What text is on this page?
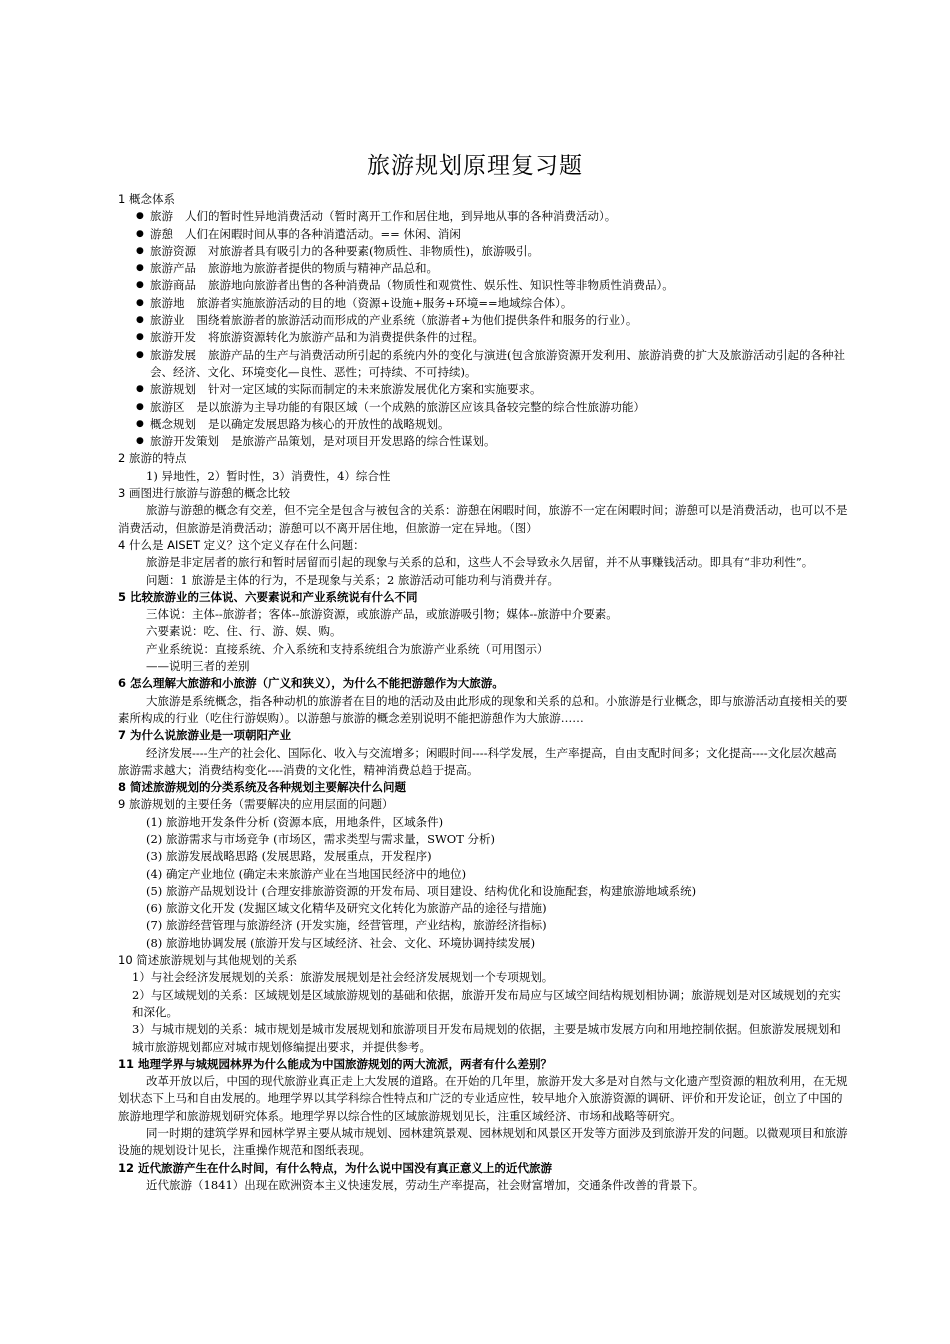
旅游规划原理复习题
1 概念体系
● 旅游 人们的暂时性异地消费活动（暂时离开工作和居住地，到异地从事的各种消费活动）。
● 游憩 人们在闲暇时间从事的各种消遣活动。== 休闲、消闲
● 旅游资源 对旅游者具有吸引力的各种要素(物质性、非物质性)，旅游吸引。
● 旅游产品 旅游地为旅游者提供的物质与精神产品总和。
● 旅游商品 旅游地向旅游者出售的各种消费品（物质性和观赏性、娱乐性、知识性等非物质性消费品）。
● 旅游地 旅游者实施旅游活动的目的地（资源+设施+服务+环境==地域综合体）。
● 旅游业 围绕着旅游者的旅游活动而形成的产业系统（旅游者+为他们提供条件和服务的行业）。
● 旅游开发 将旅游资源转化为旅游产品和为消费提供条件的过程。
● 旅游发展 旅游产品的生产与消费活动所引起的系统内外的变化与演进(包含旅游资源开发利用、旅游消费的扩大及旅游活动引起的各种社会、经济、文化、环境变化—良性、恶性；可持续、不可持续)。
● 旅游规划 针对一定区域的实际而制定的未来旅游发展优化方案和实施要求。
● 旅游区 是以旅游为主导功能的有限区域（一个成熟的旅游区应该具备较完整的综合性旅游功能）
● 概念规划 是以确定发展思路为核心的开放性的战略规划。
● 旅游开发策划 是旅游产品策划，是对项目开发思路的综合性谋划。
2 旅游的特点
1) 异地性，2）暂时性，3）消费性，4）综合性
3 画图进行旅游与游憩的概念比较
旅游与游憩的概念有交差，但不完全是包含与被包含的关系：游憩在闲暇时间，旅游不一定在闲暇时间；游憩可以是消费活动，也可以不是消费活动，但旅游是消费活动；游憩可以不离开居住地，但旅游一定在异地。（图）
4 什么是 AISET 定义？这个定义存在什么问题：
旅游是非定居者的旅行和暂时居留而引起的现象与关系的总和，这些人不会导致永久居留，并不从事赚钱活动。即具有“非功利性”。
问题：1 旅游是主体的行为，不是现象与关系；2 旅游活动可能功利与消费并存。
5 比较旅游业的三体说、六要素说和产业系统说有什么不同
三体说：主体--旅游者；客体--旅游资源，或旅游产品，或旅游吸引物；媒体--旅游中介要素。
六要素说：吃、住、行、游、娱、购。
产业系统说：直接系统、介入系统和支持系统组合为旅游产业系统（可用图示）
——说明三者的差别
6 怎么理解大旅游和小旅游（广义和狭义），为什么不能把游憩作为大旅游。
大旅游是系统概念，指各种动机的旅游者在目的地的活动及由此形成的现象和关系的总和。小旅游是行业概念，即与旅游活动直接相关的要素所构成的行业（吃住行游娱购）。以游憩与旅游的概念差别说明不能把游憩作为大旅游……
7 为什么说旅游业是一项朝阳产业
经济发展----生产的社会化、国际化、收入与交流增多；闲暇时间----科学发展，生产率提高，自由支配时间多；文化提高----文化层次越高旅游需求越大；消费结构变化----消费的文化性，精神消费总趋于提高。
8 简述旅游规划的分类系统及各种规划主要解决什么问题
9 旅游规划的主要任务（需要解决的应用层面的问题）
(1) 旅游地开发条件分析 (资源本底，用地条件，区域条件)
(2) 旅游需求与市场竞争 (市场区，需求类型与需求量，SWOT 分析)
(3) 旅游发展战略思路 (发展思路，发展重点，开发程序)
(4) 确定产业地位 (确定未来旅游产业在当地国民经济中的地位)
(5) 旅游产品规划设计 (合理安排旅游资源的开发布局、项目建设、结构优化和设施配套，构建旅游地域系统)
(6) 旅游文化开发 (发掘区域文化精华及研究文化转化为旅游产品的途径与措施)
(7) 旅游经营管理与旅游经济 (开发实施，经营管理，产业结构，旅游经济指标)
(8) 旅游地协调发展 (旅游开发与区域经济、社会、文化、环境协调持续发展)
10 简述旅游规划与其他规划的关系
1）与社会经济发展规划的关系：旅游发展规划是社会经济发展规划一个专项规划。
2）与区域规划的关系：区域规划是区域旅游规划的基础和依据，旅游开发布局应与区域空间结构规划相协调；旅游规划是对区域规划的充实和深化。
3）与城市规划的关系：城市规划是城市发展规划和旅游项目开发布局规划的依据，主要是城市发展方向和用地控制依据。但旅游发展规划和城市旅游规划都应对城市规划修编提出要求，并提供参考。
11 地理学界与城规园林界为什么能成为中国旅游规划的两大流派，两者有什么差别？
改革开放以后，中国的现代旅游业真正走上大发展的道路。在开始的几年里，旅游开发大多是对自然与文化遗产型资源的粗放利用，在无规划状态下上马和自由发展的。地理学界以其学科综合性特点和广泛的专业适应性，较早地介入旅游资源的调研、评价和开发论证，创立了中国的旅游地理学和旅游规划研究体系。地理学界以综合性的区域旅游规划见长，注重区域经济、市场和战略等研究。
同一时期的建筑学界和园林学界主要从城市规划、园林建筑景观、园林规划和风景区开发等方面涉及到旅游开发的问题。以微观项目和旅游设施的规划设计见长，注重操作规范和图纸表现。
12 近代旅游产生在什么时间，有什么特点，为什么说中国没有真正意义上的近代旅游
近代旅游（1841）出现在欧洲资本主义快速发展，劳动生产率提高，社会财富增加，交通条件改善的背景下。
